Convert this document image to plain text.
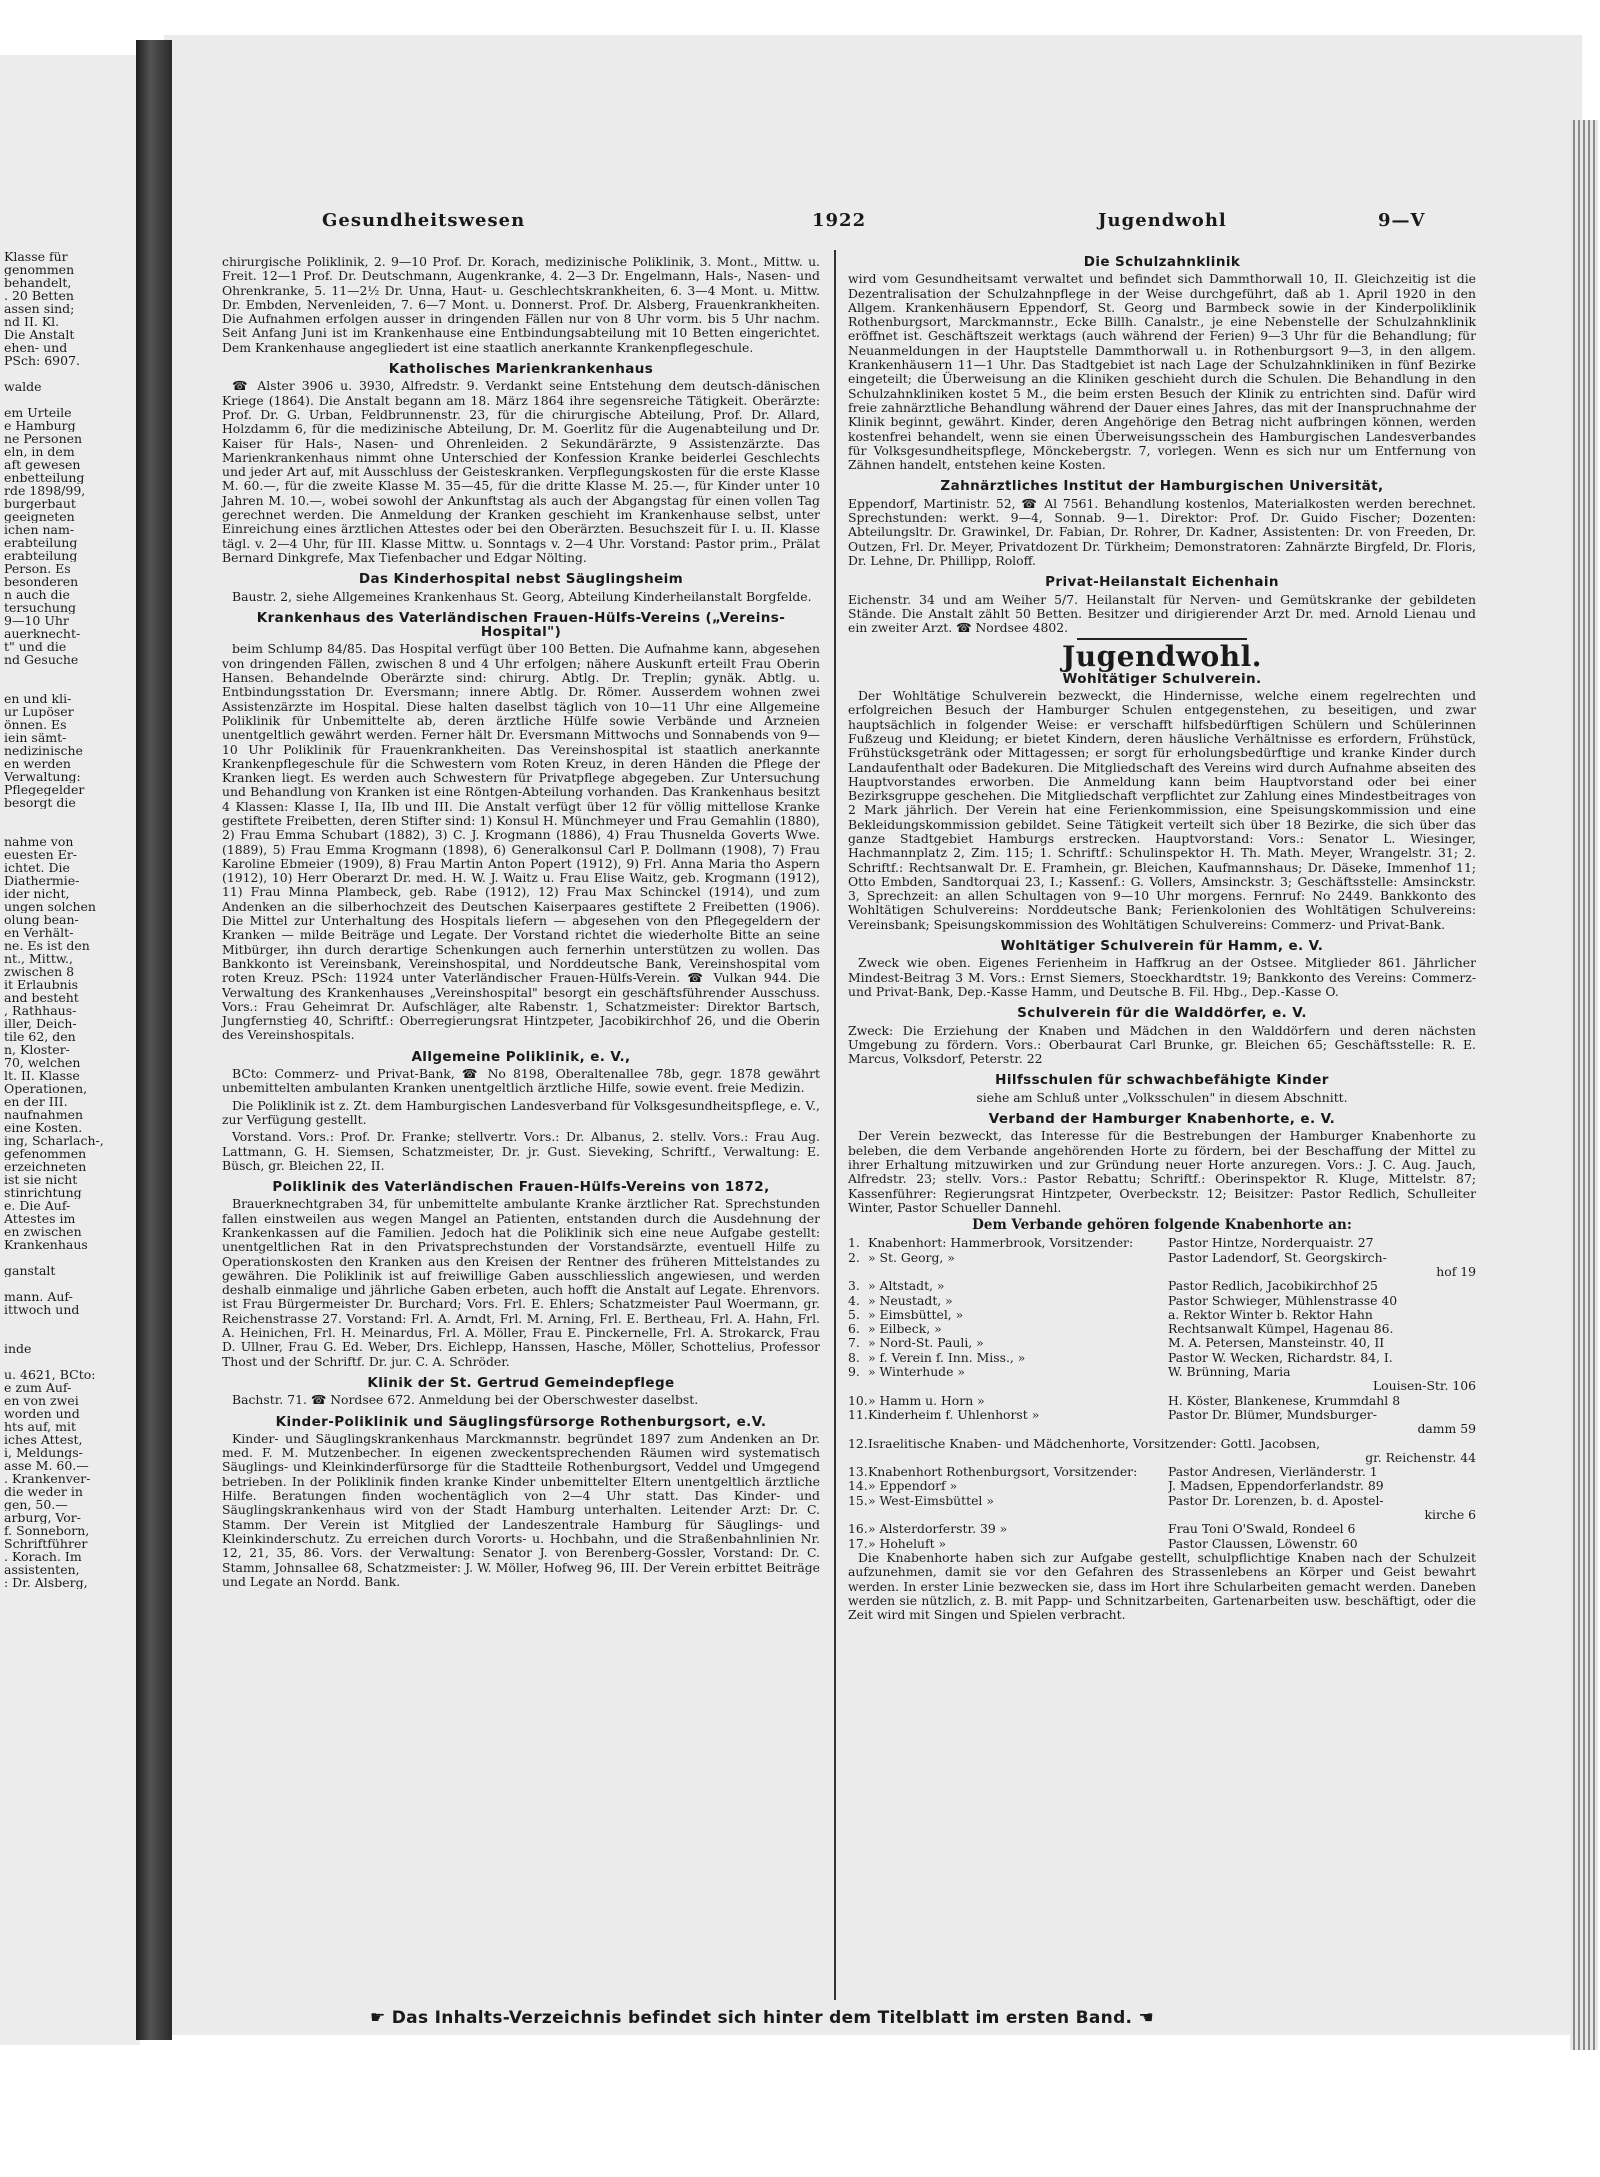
Klasse für
genommen
behandelt,
. 20 Betten
assen sind;
nd II. Kl.
Die Anstalt
ehen- und
PSch: 6907.
walde
em Urteile
e Hamburg
ne Personen
eln, in dem
aft gewesen
enbetteilung
rde 1898/99,
burgerbaut
geeigneten
ichen nam-
erabteilung
erabteilung
Person. Es
besonderen
n auch die
tersuchung
9—10 Uhr
auerknecht-
t" und die
nd Gesuche
en und kli-
ur Lupöser
önnen. Es
iein sämt-
nedizinische
en werden
Verwaltung:
Pflegegelder
besorgt die
nahme von
euesten Er-
ichtet. Die
Diathermie-
ider nicht,
ungen solchen
olung bean-
en Verhält-
ne. Es ist den
nt., Mittw.,
zwischen 8
it Erlaubnis
and besteht
, Rathhaus-
iller, Deich-
tile 62, den
n, Kloster-
70, welchen
lt. II. Klasse
Operationen,
en der III.
naufnahmen
eine Kosten.
ing, Scharlach-,
gefenommen
erzeichneten
ist sie nicht
stinrichtung
e. Die Auf-
Attestes im
en zwischen
Krankenhaus
ganstalt
mann. Auf-
ittwoch und
inde
u. 4621, BCto:
e zum Auf-
en von zwei
worden und
hts auf, mit
iches Attest,
i, Meldungs-
asse M. 60.—
. Krankenver-
die weder in
gen, 50.—
arburg, Vor-
f. Sonneborn,
Schriftführer
. Korach. Im
assistenten,
: Dr. Alsberg,
Gesundheitswesen	1922	Jugendwohl	9—V

chirurgische Poliklinik, 2. 9—10 Prof. Dr. Korach, medizinische Poliklinik, 3. Mont., Mittw. u. Freit. 12—1 Prof. Dr. Deutschmann, Augenkranke, 4. 2—3 Dr. Engelmann, Hals-, Nasen- und Ohrenkranke, 5. 11—2½ Dr. Unna, Haut- u. Geschlechtskrankheiten, 6. 3—4 Mont. u. Mittw. Dr. Embden, Nervenleiden, 7. 6—7 Mont. u. Donnerst. Prof. Dr. Alsberg, Frauenkrankheiten. Die Aufnahmen erfolgen ausser in dringenden Fällen nur von 8 Uhr vorm. bis 5 Uhr nachm. Seit Anfang Juni ist im Krankenhause eine Entbindungsabteilung mit 10 Betten eingerichtet. Dem Krankenhause angegliedert ist eine staatlich anerkannte Krankenpflegeschule.

Katholisches Marienkrankenhaus

☎ Alster 3906 u. 3930, Alfredstr. 9. Verdankt seine Entstehung dem deutsch-dänischen Kriege (1864). Die Anstalt begann am 18. März 1864 ihre segensreiche Tätigkeit. Oberärzte: Prof. Dr. G. Urban, Feldbrunnenstr. 23, für die chirurgische Abteilung, Prof. Dr. Allard, Holzdamm 6, für die medizinische Abteilung, Dr. M. Goerlitz für die Augenabteilung und Dr. Kaiser für Hals-, Nasen- und Ohrenleiden. 2 Sekundärärzte, 9 Assistenzärzte. Das Marienkrankenhaus nimmt ohne Unterschied der Konfession Kranke beiderlei Geschlechts und jeder Art auf, mit Ausschluss der Geisteskranken. Verpflegungskosten für die erste Klasse M. 60.—, für die zweite Klasse M. 35—45, für die dritte Klasse M. 25.—, für Kinder unter 10 Jahren M. 10.—, wobei sowohl der Ankunftstag als auch der Abgangstag für einen vollen Tag gerechnet werden. Die Anmeldung der Kranken geschieht im Krankenhause selbst, unter Einreichung eines ärztlichen Attestes oder bei den Oberärzten. Besuchszeit für I. u. II. Klasse tägl. v. 2—4 Uhr, für III. Klasse Mittw. u. Sonntags v. 2—4 Uhr. Vorstand: Pastor prim., Prälat Bernard Dinkgrefe, Max Tiefenbacher und Edgar Nölting.

Das Kinderhospital nebst Säuglingsheim

Baustr. 2, siehe Allgemeines Krankenhaus St. Georg, Abteilung Kinderheilanstalt Borgfelde.

Krankenhaus des Vaterländischen Frauen-Hülfs-Vereins („Vereins-Hospital")

beim Schlump 84/85. Das Hospital verfügt über 100 Betten. Die Aufnahme kann, abgesehen von dringenden Fällen, zwischen 8 und 4 Uhr erfolgen; nähere Auskunft erteilt Frau Oberin Hansen. Behandelnde Oberärzte sind: chirurg. Abtlg. Dr. Treplin; gynäk. Abtlg. u. Entbindungsstation Dr. Eversmann; innere Abtlg. Dr. Römer. Ausserdem wohnen zwei Assistenzärzte im Hospital. Diese halten daselbst täglich von 10—11 Uhr eine Allgemeine Poliklinik für Unbemittelte ab, deren ärztliche Hülfe sowie Verbände und Arzneien unentgeltlich gewährt werden. Ferner hält Dr. Eversmann Mittwochs und Sonnabends von 9—10 Uhr Poliklinik für Frauenkrankheiten. Das Vereinshospital ist staatlich anerkannte Krankenpflegeschule für die Schwestern vom Roten Kreuz, in deren Händen die Pflege der Kranken liegt. Es werden auch Schwestern für Privatpflege abgegeben. Zur Untersuchung und Behandlung von Kranken ist eine Röntgen-Abteilung vorhanden. Das Krankenhaus besitzt 4 Klassen: Klasse I, IIa, IIb und III. Die Anstalt verfügt über 12 für völlig mittellose Kranke gestiftete Freibetten, deren Stifter sind: 1) Konsul H. Münchmeyer und Frau Gemahlin (1880), 2) Frau Emma Schubart (1882), 3) C. J. Krogmann (1886), 4) Frau Thusnelda Goverts Wwe. (1889), 5) Frau Emma Krogmann (1898), 6) Generalkonsul Carl P. Dollmann (1908), 7) Frau Karoline Ebmeier (1909), 8) Frau Martin Anton Popert (1912), 9) Frl. Anna Maria tho Aspern (1912), 10) Herr Oberarzt Dr. med. H. W. J. Waitz u. Frau Elise Waitz, geb. Krogmann (1912), 11) Frau Minna Plambeck, geb. Rabe (1912), 12) Frau Max Schinckel (1914), und zum Andenken an die silberhochzeit des Deutschen Kaiserpaares gestiftete 2 Freibetten (1906). Die Mittel zur Unterhaltung des Hospitals liefern — abgesehen von den Pflegegeldern der Kranken — milde Beiträge und Legate. Der Vorstand richtet die wiederholte Bitte an seine Mitbürger, ihn durch derartige Schenkungen auch fernerhin unterstützen zu wollen. Das Bankkonto ist Vereinsbank, Vereinshospital, und Norddeutsche Bank, Vereinshospital vom roten Kreuz. PSch: 11924 unter Vaterländischer Frauen-Hülfs-Verein. ☎ Vulkan 944. Die Verwaltung des Krankenhauses „Vereinshospital" besorgt ein geschäftsführender Ausschuss. Vors.: Frau Geheimrat Dr. Aufschläger, alte Rabenstr. 1, Schatzmeister: Direktor Bartsch, Jungfernstieg 40, Schriftf.: Oberregierungsrat Hintzpeter, Jacobikirchhof 26, und die Oberin des Vereinshospitals.

Allgemeine Poliklinik, e. V.,

BCto: Commerz- und Privat-Bank, ☎ No 8198, Oberaltenallee 78b, gegr. 1878 gewährt unbemittelten ambulanten Kranken unentgeltlich ärztliche Hilfe, sowie event. freie Medizin.

Die Poliklinik ist z. Zt. dem Hamburgischen Landesverband für Volksgesundheitspflege, e. V., zur Verfügung gestellt.

Vorstand. Vors.: Prof. Dr. Franke; stellvertr. Vors.: Dr. Albanus, 2. stellv. Vors.: Frau Aug. Lattmann, G. H. Siemsen, Schatzmeister, Dr. jr. Gust. Sieveking, Schriftf., Verwaltung: E. Büsch, gr. Bleichen 22, II.

Poliklinik des Vaterländischen Frauen-Hülfs-Vereins von 1872,

Brauerknechtgraben 34, für unbemittelte ambulante Kranke ärztlicher Rat. Sprechstunden fallen einstweilen aus wegen Mangel an Patienten, entstanden durch die Ausdehnung der Krankenkassen auf die Familien. Jedoch hat die Poliklinik sich eine neue Aufgabe gestellt: unentgeltlichen Rat in den Privatsprechstunden der Vorstandsärzte, eventuell Hilfe zu Operationskosten den Kranken aus den Kreisen der Rentner des früheren Mittelstandes zu gewähren. Die Poliklinik ist auf freiwillige Gaben ausschliesslich angewiesen, und werden deshalb einmalige und jährliche Gaben erbeten, auch hofft die Anstalt auf Legate. Ehrenvors. ist Frau Bürgermeister Dr. Burchard; Vors. Frl. E. Ehlers; Schatzmeister Paul Woermann, gr. Reichenstrasse 27. Vorstand: Frl. A. Arndt, Frl. M. Arning, Frl. E. Bertheau, Frl. A. Hahn, Frl. A. Heinichen, Frl. H. Meinardus, Frl. A. Möller, Frau E. Pinckernelle, Frl. A. Strokarck, Frau D. Ullner, Frau G. Ed. Weber, Drs. Eichlepp, Hanssen, Hasche, Möller, Schottelius, Professor Thost und der Schriftf. Dr. jur. C. A. Schröder.

Klinik der St. Gertrud Gemeindepflege

Bachstr. 71. ☎ Nordsee 672. Anmeldung bei der Oberschwester daselbst.

Kinder-Poliklinik und Säuglingsfürsorge Rothenburgsort, e.V.

Kinder- und Säuglingskrankenhaus Marckmannstr. begründet 1897 zum Andenken an Dr. med. F. M. Mutzenbecher. In eigenen zweckentsprechenden Räumen wird systematisch Säuglings- und Kleinkinderfürsorge für die Stadtteile Rothenburgsort, Veddel und Umgegend betrieben. In der Poliklinik finden kranke Kinder unbemittelter Eltern unentgeltlich ärztliche Hilfe. Beratungen finden wochentäglich von 2—4 Uhr statt. Das Kinder- und Säuglingskrankenhaus wird von der Stadt Hamburg unterhalten. Leitender Arzt: Dr. C. Stamm. Der Verein ist Mitglied der Landeszentrale Hamburg für Säuglings- und Kleinkinderschutz. Zu erreichen durch Vororts- u. Hochbahn, und die Straßenbahnlinien Nr. 12, 21, 35, 86. Vors. der Verwaltung: Senator J. von Berenberg-Gossler, Vorstand: Dr. C. Stamm, Johnsallee 68, Schatzmeister: J. W. Möller, Hofweg 96, III. Der Verein erbittet Beiträge und Legate an Nordd. Bank.

Die Schulzahnklinik

wird vom Gesundheitsamt verwaltet und befindet sich Dammthorwall 10, II. Gleichzeitig ist die Dezentralisation der Schulzahnpflege in der Weise durchgeführt, daß ab 1. April 1920 in den Allgem. Krankenhäusern Eppendorf, St. Georg und Barmbeck sowie in der Kinderpoliklinik Rothenburgsort, Marckmannstr., Ecke Billh. Canalstr., je eine Nebenstelle der Schulzahnklinik eröffnet ist. Geschäftszeit werktags (auch während der Ferien) 9—3 Uhr für die Behandlung; für Neuanmeldungen in der Hauptstelle Dammthorwall u. in Rothenburgsort 9—3, in den allgem. Krankenhäusern 11—1 Uhr. Das Stadtgebiet ist nach Lage der Schulzahnkliniken in fünf Bezirke eingeteilt; die Überweisung an die Kliniken geschieht durch die Schulen. Die Behandlung in den Schulzahnkliniken kostet 5 M., die beim ersten Besuch der Klinik zu entrichten sind. Dafür wird freie zahnärztliche Behandlung während der Dauer eines Jahres, das mit der Inanspruchnahme der Klinik beginnt, gewährt. Kinder, deren Angehörige den Betrag nicht aufbringen können, werden kostenfrei behandelt, wenn sie einen Überweisungsschein des Hamburgischen Landesverbandes für Volksgesundheitspflege, Mönckebergstr. 7, vorlegen. Wenn es sich nur um Entfernung von Zähnen handelt, entstehen keine Kosten.

Zahnärztliches Institut der Hamburgischen Universität,

Eppendorf, Martinistr. 52, ☎ Al 7561. Behandlung kostenlos, Materialkosten werden berechnet. Sprechstunden: werkt. 9—4, Sonnab. 9—1. Direktor: Prof. Dr. Guido Fischer; Dozenten: Abteilungsltr. Dr. Grawinkel, Dr. Fabian, Dr. Rohrer, Dr. Kadner, Assistenten: Dr. von Freeden, Dr. Outzen, Frl. Dr. Meyer, Privatdozent Dr. Türkheim; Demonstratoren: Zahnärzte Birgfeld, Dr. Floris, Dr. Lehne, Dr. Phillipp, Roloff.

Privat-Heilanstalt Eichenhain

Eichenstr. 34 und am Weiher 5/7. Heilanstalt für Nerven- und Gemütskranke der gebildeten Stände. Die Anstalt zählt 50 Betten. Besitzer und dirigierender Arzt Dr. med. Arnold Lienau und ein zweiter Arzt. ☎ Nordsee 4802.

Jugendwohl.
Wohltätiger Schulverein.

Der Wohltätige Schulverein bezweckt, die Hindernisse, welche einem regelrechten und erfolgreichen Besuch der Hamburger Schulen entgegenstehen, zu beseitigen, und zwar hauptsächlich in folgender Weise: er verschafft hilfsbedürftigen Schülern und Schülerinnen Fußzeug und Kleidung; er bietet Kindern, deren häusliche Verhältnisse es erfordern, Frühstück, Frühstücksgetränk oder Mittagessen; er sorgt für erholungsbedürftige und kranke Kinder durch Landaufenthalt oder Badekuren. Die Mitgliedschaft des Vereins wird durch Aufnahme abseiten des Hauptvorstandes erworben. Die Anmeldung kann beim Hauptvorstand oder bei einer Bezirksgruppe geschehen. Die Mitgliedschaft verpflichtet zur Zahlung eines Mindestbeitrages von 2 Mark jährlich. Der Verein hat eine Ferienkommission, eine Speisungskommission und eine Bekleidungskommission gebildet. Seine Tätigkeit verteilt sich über 18 Bezirke, die sich über das ganze Stadtgebiet Hamburgs erstrecken. Hauptvorstand: Vors.: Senator L. Wiesinger, Hachmannplatz 2, Zim. 115; 1. Schriftf.: Schulinspektor H. Th. Math. Meyer, Wrangelstr. 31; 2. Schriftf.: Rechtsanwalt Dr. E. Framhein, gr. Bleichen, Kaufmannshaus; Dr. Däseke, Immenhof 11; Otto Embden, Sandtorquai 23, I.; Kassenf.: G. Vollers, Amsinckstr. 3; Geschäftsstelle: Amsinckstr. 3, Sprechzeit: an allen Schultagen von 9—10 Uhr morgens. Fernruf: No 2449. Bankkonto des Wohltätigen Schulvereins: Norddeutsche Bank; Ferienkolonien des Wohltätigen Schulvereins: Vereinsbank; Speisungskommission des Wohltätigen Schulvereins: Commerz- und Privat-Bank.

Wohltätiger Schulverein für Hamm, e. V.

Zweck wie oben. Eigenes Ferienheim in Haffkrug an der Ostsee. Mitglieder 861. Jährlicher Mindest-Beitrag 3 M. Vors.: Ernst Siemers, Stoeckhardtstr. 19; Bankkonto des Vereins: Commerz- und Privat-Bank, Dep.-Kasse Hamm, und Deutsche B. Fil. Hbg., Dep.-Kasse O.

Schulverein für die Walddörfer, e. V.

Zweck: Die Erziehung der Knaben und Mädchen in den Walddörfern und deren nächsten Umgebung zu fördern. Vors.: Oberbaurat Carl Brunke, gr. Bleichen 65; Geschäftsstelle: R. E. Marcus, Volksdorf, Peterstr. 22

Hilfsschulen für schwachbefähigte Kinder

siehe am Schluß unter „Volksschulen" in diesem Abschnitt.

Verband der Hamburger Knabenhorte, e. V.

Der Verein bezweckt, das Interesse für die Bestrebungen der Hamburger Knabenhorte zu beleben, die dem Verbande angehörenden Horte zu fördern, bei der Beschaffung der Mittel zu ihrer Erhaltung mitzuwirken und zur Gründung neuer Horte anzuregen. Vors.: J. C. Aug. Jauch, Alfredstr. 23; stellv. Vors.: Pastor Rebattu; Schriftf.: Oberinspektor R. Kluge, Mittelstr. 87; Kassenführer: Regierungsrat Hintzpeter, Overbeckstr. 12; Beisitzer: Pastor Redlich, Schulleiter Winter, Pastor Schueller Dannehl.

Dem Verbande gehören folgende Knabenhorte an:
1. Knabenhort: Hammerbrook, Vorsitzender:	Pastor Hintze, Norderquaistr. 27
2. » St. Georg, »	Pastor Ladendorf, St. Georgskirch-
hof 19
3. » Altstadt, »	Pastor Redlich, Jacobikirchhof 25
4. » Neustadt, »	Pastor Schwieger, Mühlenstrasse 40
5. » Eimsbüttel, »	a. Rektor Winter b. Rektor Hahn
6. » Eilbeck, »	Rechtsanwalt Kümpel, Hagenau 86.
7. » Nord-St. Pauli, »	M. A. Petersen, Mansteinstr. 40, II
8. » f. Verein f. Inn. Miss., »	Pastor W. Wecken, Richardstr. 84, I.
9. » Winterhude »	W. Brünning, Maria
Louisen-Str. 106
10. » Hamm u. Horn »	H. Köster, Blankenese, Krummdahl 8
11. Kinderheim f. Uhlenhorst »	Pastor Dr. Blümer, Mundsburger-
damm 59
12. Israelitische Knaben- und Mädchenhorte, Vorsitzender: Gottl. Jacobsen,
gr. Reichenstr. 44
13. Knabenhort Rothenburgsort, Vorsitzender:	Pastor Andresen, Vierländerstr. 1
14. » Eppendorf »	J. Madsen, Eppendorferlandstr. 89
15. » West-Eimsbüttel »	Pastor Dr. Lorenzen, b. d. Apostel-
kirche 6
16. » Alsterdorferstr. 39 »	Frau Toni O'Swald, Rondeel 6
17. » Hoheluft »	Pastor Claussen, Löwenstr. 60

Die Knabenhorte haben sich zur Aufgabe gestellt, schulpflichtige Knaben nach der Schulzeit aufzunehmen, damit sie vor den Gefahren des Strassenlebens an Körper und Geist bewahrt werden. In erster Linie bezwecken sie, dass im Hort ihre Schularbeiten gemacht werden. Daneben werden sie nützlich, z. B. mit Papp- und Schnitzarbeiten, Gartenarbeiten usw. beschäftigt, oder die Zeit wird mit Singen und Spielen verbracht.

☛ Das Inhalts-Verzeichnis befindet sich hinter dem Titelblatt im ersten Band. ☚
